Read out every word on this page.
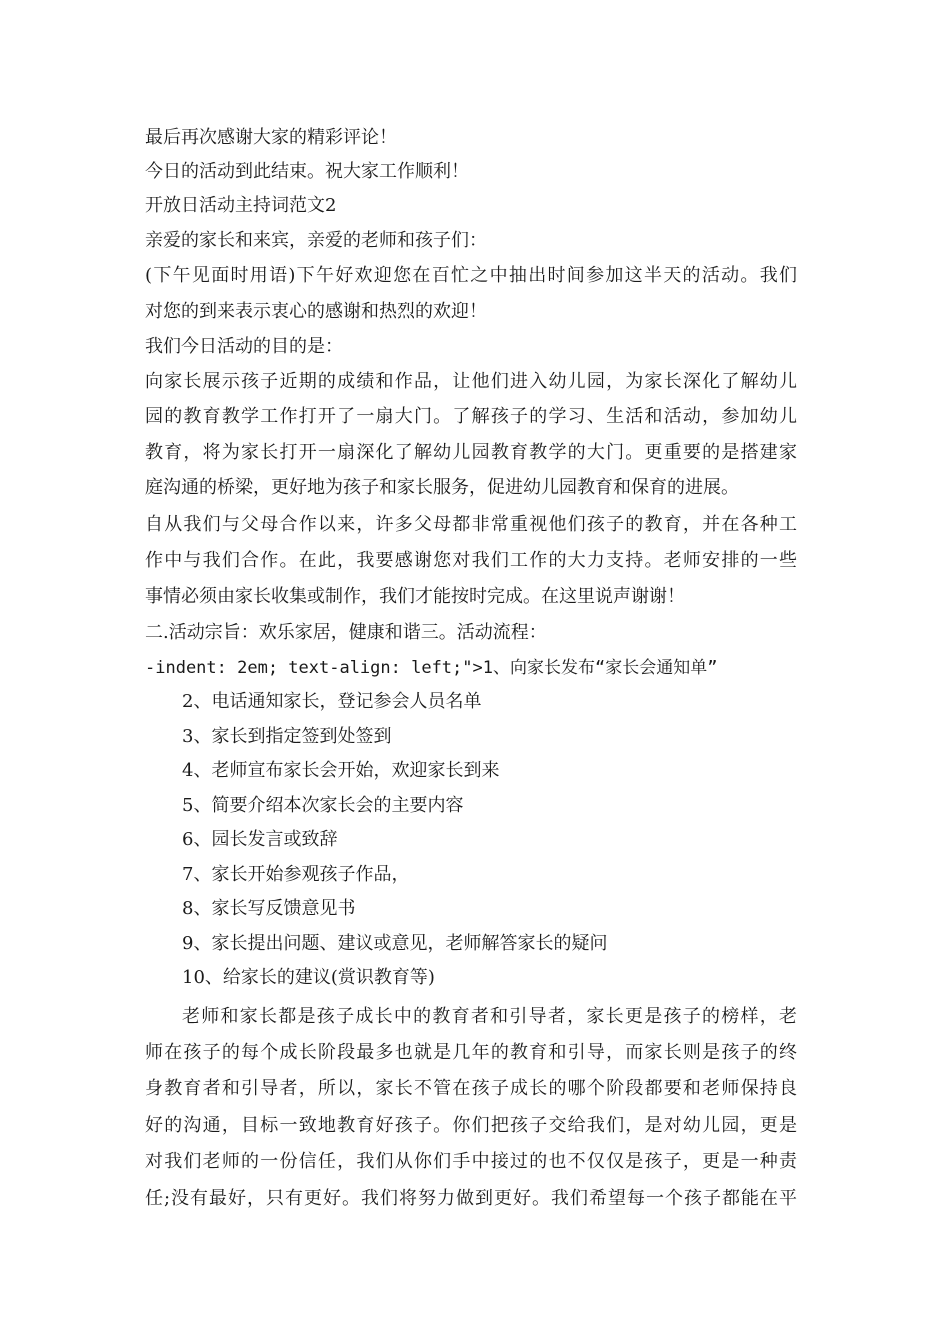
最后再次感谢大家的精彩评论！
今日的活动到此结束。祝大家工作顺利！
开放日活动主持词范文2
亲爱的家长和来宾，亲爱的老师和孩子们：
(下午见面时用语)下午好欢迎您在百忙之中抽出时间参加这半天的活动。我们
对您的到来表示衷心的感谢和热烈的欢迎！
我们今日活动的目的是：
向家长展示孩子近期的成绩和作品，让他们进入幼儿园，为家长深化了解幼儿
园的教育教学工作打开了一扇大门。了解孩子的学习、生活和活动，参加幼儿
教育，将为家长打开一扇深化了解幼儿园教育教学的大门。更重要的是搭建家
庭沟通的桥梁，更好地为孩子和家长服务，促进幼儿园教育和保育的进展。
自从我们与父母合作以来，许多父母都非常重视他们孩子的教育，并在各种工
作中与我们合作。在此，我要感谢您对我们工作的大力支持。老师安排的一些
事情必须由家长收集或制作，我们才能按时完成。在这里说声谢谢！
二.活动宗旨：欢乐家居，健康和谐三。活动流程：
-indent: 2em; text-align: left;">1、向家长发布“家长会通知单”
2、电话通知家长，登记参会人员名单
3、家长到指定签到处签到
4、老师宣布家长会开始，欢迎家长到来
5、简要介绍本次家长会的主要内容
6、园长发言或致辞
7、家长开始参观孩子作品，
8、家长写反馈意见书
9、家长提出问题、建议或意见，老师解答家长的疑问
10、给家长的建议(赏识教育等)
老师和家长都是孩子成长中的教育者和引导者，家长更是孩子的榜样，老
师在孩子的每个成长阶段最多也就是几年的教育和引导，而家长则是孩子的终
身教育者和引导者，所以，家长不管在孩子成长的哪个阶段都要和老师保持良
好的沟通，目标一致地教育好孩子。你们把孩子交给我们，是对幼儿园，更是
对我们老师的一份信任，我们从你们手中接过的也不仅仅是孩子，更是一种责
任;没有最好，只有更好。我们将努力做到更好。我们希望每一个孩子都能在平
